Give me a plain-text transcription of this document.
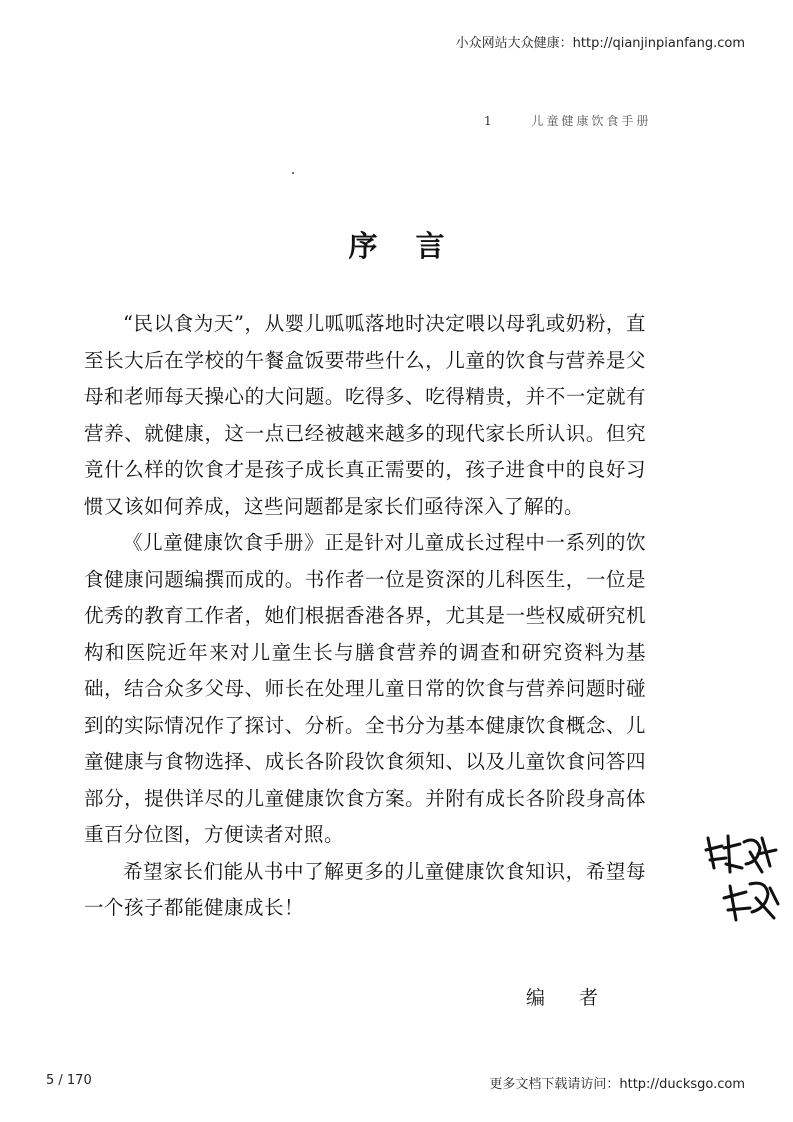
小众网站大众健康：http://qianjinpianfang.com
1	儿童健康饮食手册
序言

“民以食为天”，从婴儿呱呱落地时决定喂以母乳或奶粉，直至长大后在学校的午餐盒饭要带些什么，儿童的饮食与营养是父母和老师每天操心的大问题。吃得多、吃得精贵，并不一定就有营养、就健康，这一点已经被越来越多的现代家长所认识。但究竟什么样的饮食才是孩子成长真正需要的，孩子进食中的良好习惯又该如何养成，这些问题都是家长们亟待深入了解的。

《儿童健康饮食手册》正是针对儿童成长过程中一系列的饮食健康问题编撰而成的。书作者一位是资深的儿科医生，一位是优秀的教育工作者，她们根据香港各界，尤其是一些权威研究机构和医院近年来对儿童生长与膳食营养的调查和研究资料为基础，结合众多父母、师长在处理儿童日常的饮食与营养问题时碰到的实际情况作了探讨、分析。全书分为基本健康饮食概念、儿童健康与食物选择、成长各阶段饮食须知、以及儿童饮食问答四部分，提供详尽的儿童健康饮食方案。并附有成长各阶段身高体重百分位图，方便读者对照。

希望家长们能从书中了解更多的儿童健康饮食知识，希望每一个孩子都能健康成长！

编者
5 / 170	更多文档下载请访问：http://ducksgo.com
